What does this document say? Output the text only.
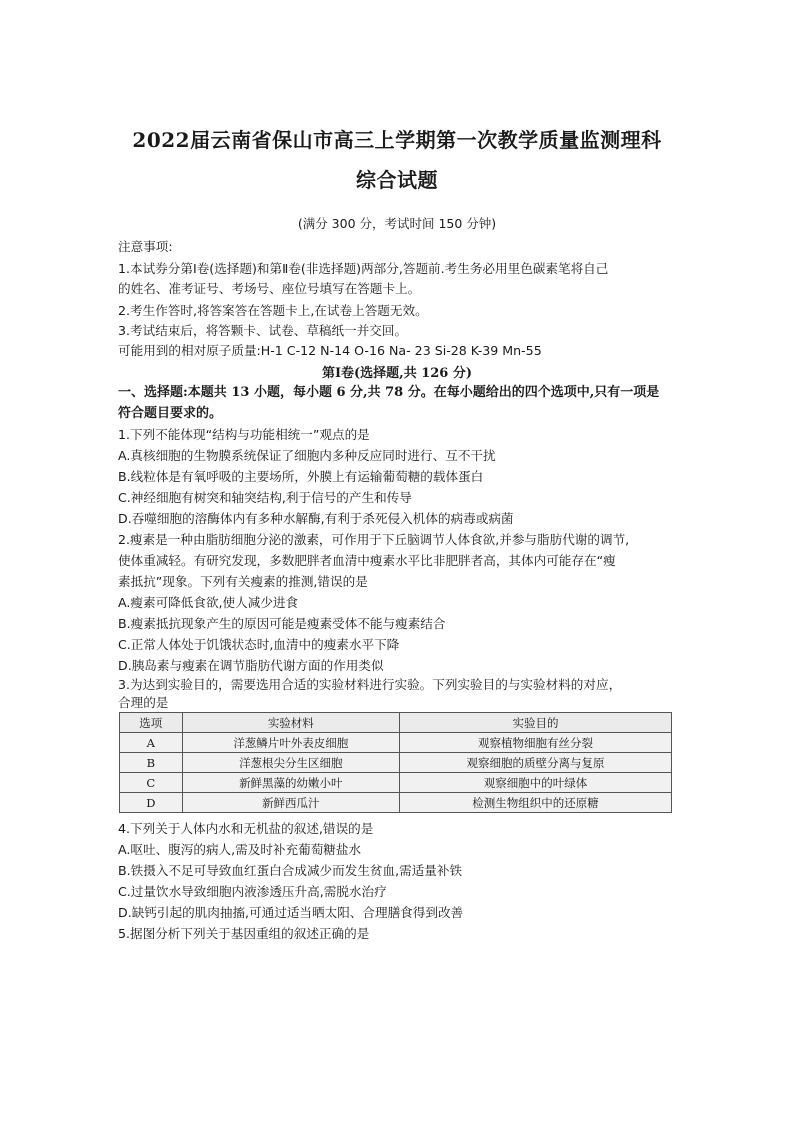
2022届云南省保山市高三上学期第一次教学质量监测理科
综合试题
(满分 300 分，考试时间 150 分钟)
注意事项:
1.本试券分第Ⅰ卷(选择题)和第Ⅱ卷(非选择题)两部分,答题前.考生务必用里色碳素笔将自己
的姓名、准考证号、考场号、座位号填写在答题卡上。
2.考生作答时,将答案答在答题卡上,在试卷上答题无效。
3.考试结束后，将答颗卡、试卷、草稿纸一并交回。
可能用到的相对原子质量:H-1 C-12 N-14 O-16 Na- 23 Si-28 K-39 Mn-55
第Ⅰ卷(选择题,共 126 分)
一、选择题:本题共 13 小题，每小题 6 分,共 78 分。在每小题给出的四个选项中,只有一项是
符合题目要求的。
1.下列不能体现“结构与功能相统一”观点的是
A.真核细胞的生物膜系统保证了细胞内多种反应同时进行、互不干扰
B.线粒体是有氧呼吸的主要场所，外膜上有运输葡萄糖的载体蛋白
C.神经细胞有树突和轴突结构,利于信号的产生和传导
D.吞噬细胞的溶酶体内有多种水解酶,有利于杀死侵入机体的病毒或病菌
2.瘦素是一种由脂肪细胞分泌的激素，可作用于下丘脑调节人体食欲,并参与脂肪代谢的调节,
使体重减轻。有研究发现，多数肥胖者血清中瘦素水平比非肥胖者高，其体内可能存在“瘦
素抵抗”现象。下列有关瘦素的推测,错误的是
A.瘦素可降低食欲,使人减少进食
B.瘦素抵抗现象产生的原因可能是瘦素受体不能与瘦素结合
C.正常人体处于饥饿状态时,血清中的瘦素水平下降
D.胰岛素与瘦素在调节脂肪代谢方面的作用类似
3.为达到实验目的，需要选用合适的实验材料进行实验。下列实验目的与实验材料的对应，
合理的是
选项	实验材料	实验目的
A	洋葱鳞片叶外表皮细胞	观察植物细胞有丝分裂
B	洋葱根尖分生区细胞	观察细胞的质壁分离与复原
C	新鲜黑藻的幼嫩小叶	观察细胞中的叶绿体
D	新鲜西瓜汁	检测生物组织中的还原糖
4.下列关于人体内水和无机盐的叙述,错误的是
A.呕吐、腹泻的病人,需及时补充葡萄糖盐水
B.铁摄入不足可导致血红蛋白合成减少而发生贫血,需适量补铁
C.过量饮水导致细胞内液渗透压升高,需脱水治疗
D.缺钙引起的肌肉抽搐,可通过适当晒太阳、合理膳食得到改善
5.据图分析下列关于基因重组的叙述正确的是
